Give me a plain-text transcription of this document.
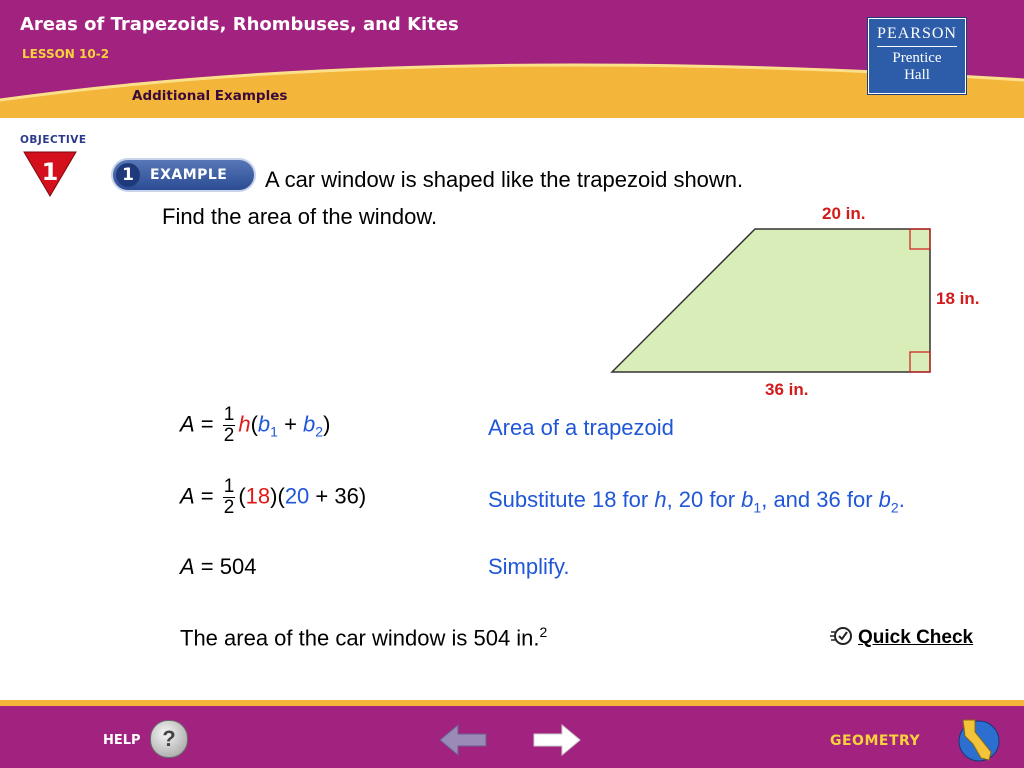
Areas of Trapezoids, Rhombuses, and Kites
LESSON 10-2
Additional Examples
PEARSON
Prentice
Hall
OBJECTIVE
1	1	EXAMPLE A car window is shaped like the trapezoid shown.
Find the area of the window.	20 in.
18 in.
36 in.
$A = \frac{1}{2} h(b_1 + b_2)$	Area of a trapezoid
$A = \frac{1}{2} (18)(20 + 36)$	Substitute 18 for h, 20 for $b_1$, and 36 for $b_2$.
A = 504	Simplify.
The area of the car window is 504 in.$^2$	Quick Check
HELP ?	GEOMETRY
